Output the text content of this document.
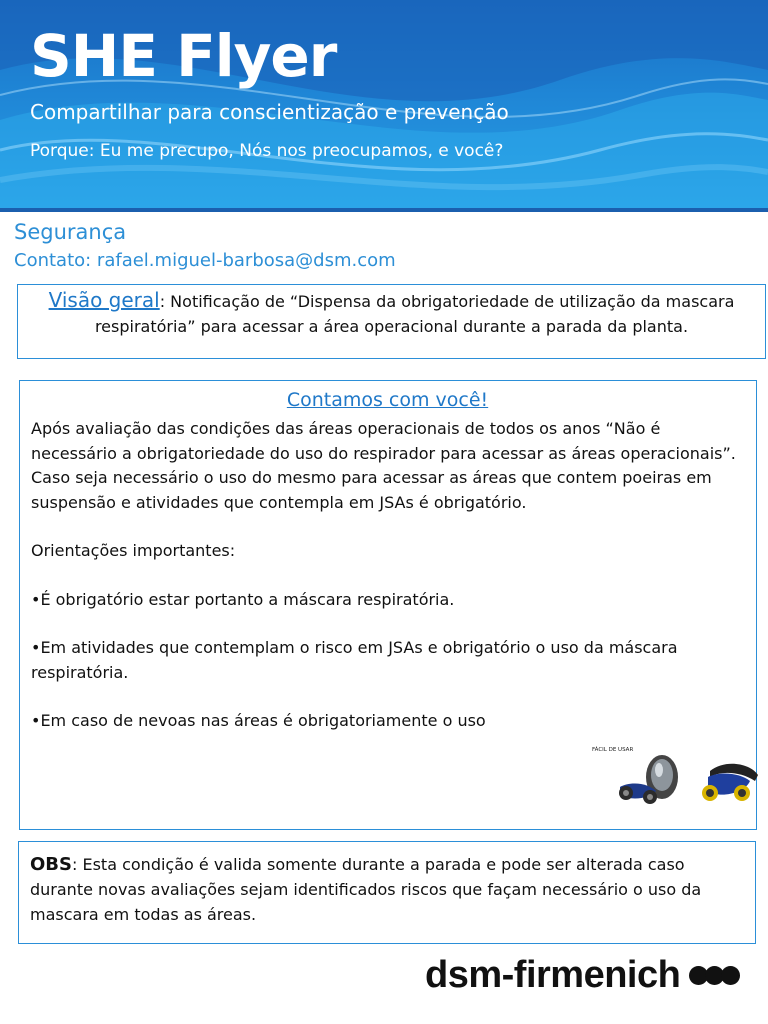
SHE Flyer
Compartilhar para conscientização e prevenção
Porque: Eu me precupo, Nós nos preocupamos, e você?
Segurança
Contato: rafael.miguel-barbosa@dsm.com

Visão geral: Notificação de “Dispensa da obrigatoriedade de utilização da mascara respiratória” para acessar a área operacional durante a parada da planta.

Contamos com você!

Após avaliação das condições das áreas operacionais de todos os anos “Não é necessário a obrigatoriedade do uso do respirador para acessar as áreas operacionais”. Caso seja necessário o uso do mesmo para acessar as áreas que contem poeiras em suspensão e atividades que contempla em JSAs é obrigatório.

Orientações importantes:

•É obrigatório estar portanto a máscara respiratória.

•Em atividades que contemplam o risco em JSAs e obrigatório o uso da máscara respiratória.

•Em caso de nevoas nas áreas é obrigatoriamente o uso

FÁCIL DE USAR

OBS: Esta condição é valida somente durante a parada e pode ser alterada caso durante novas avaliações sejam identificados riscos que façam necessário o uso da mascara em todas as áreas.

dsm-firmenich
